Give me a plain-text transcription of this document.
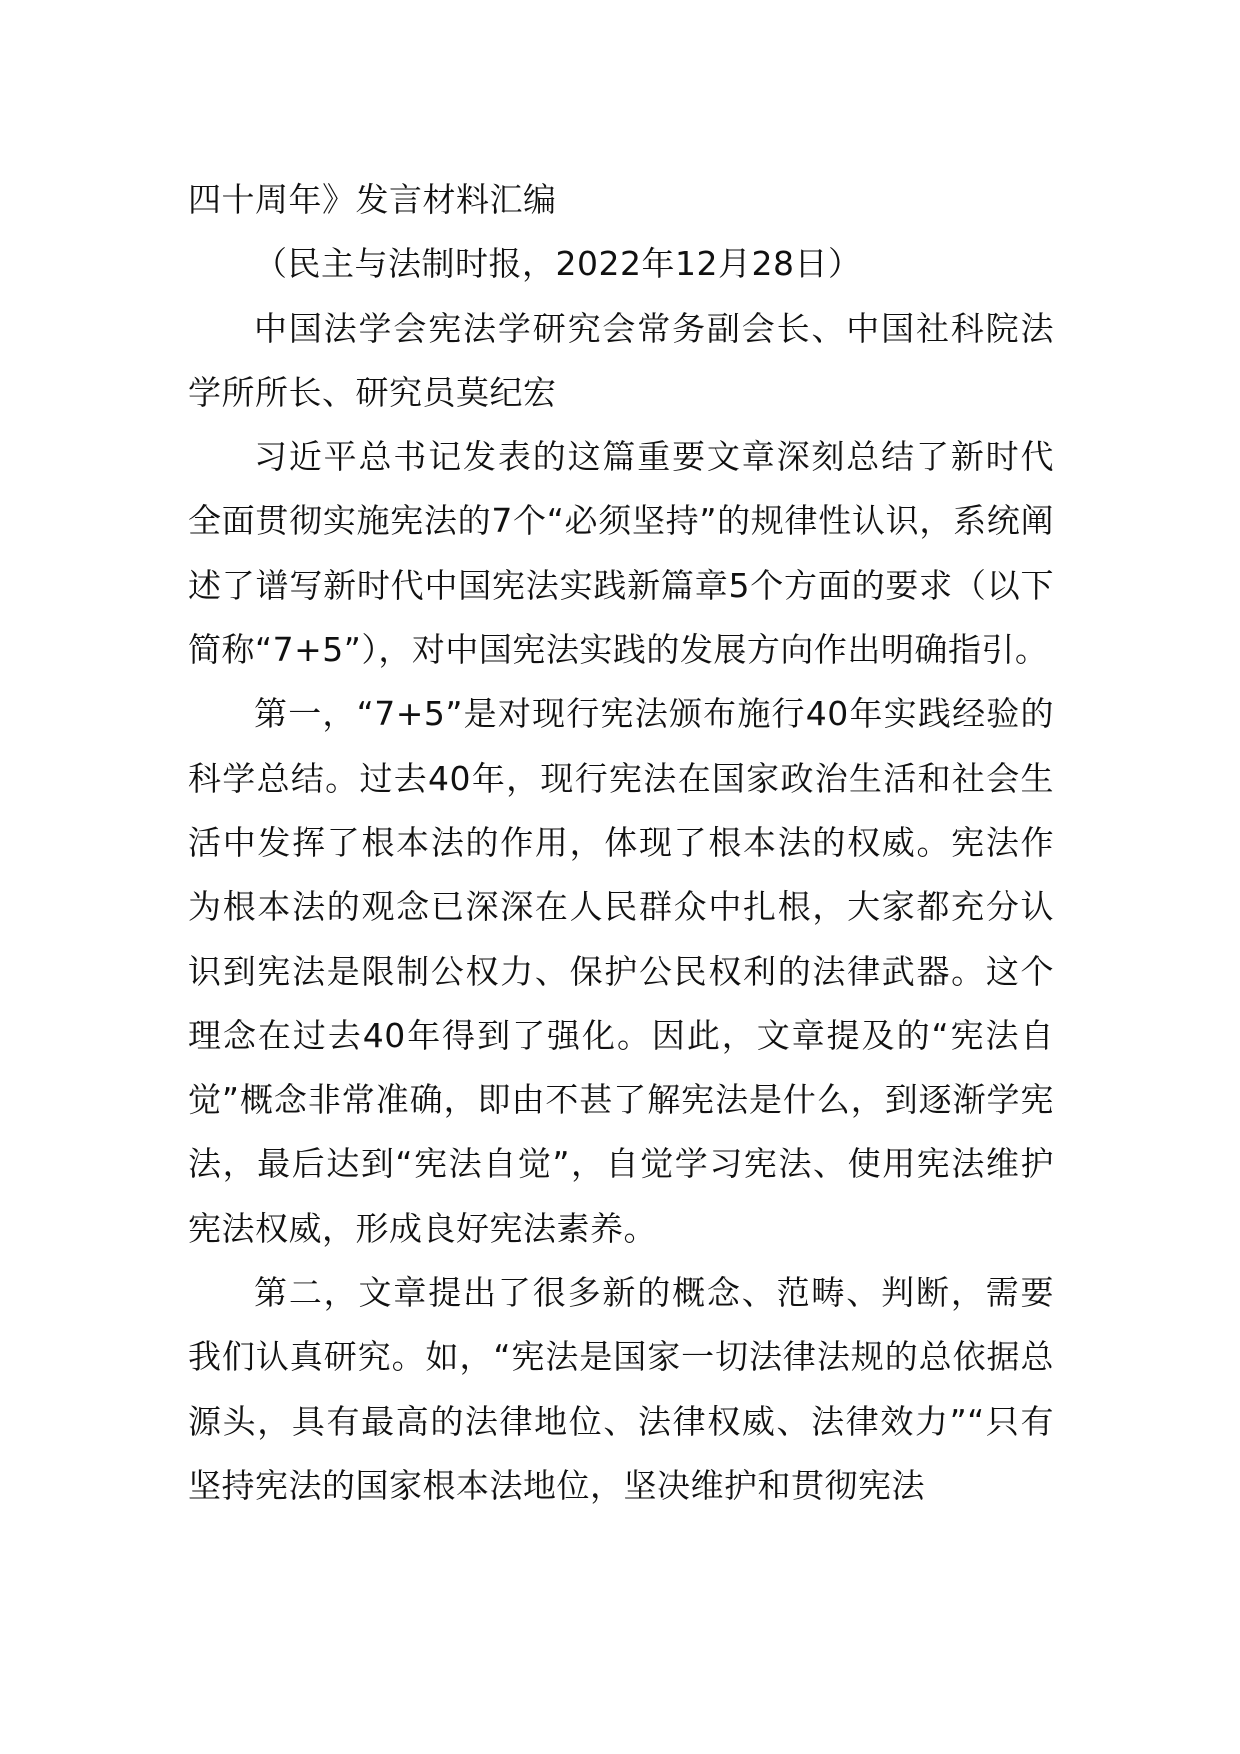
四十周年》发言材料汇编

（民主与法制时报，2022年12月28日）

中国法学会宪法学研究会常务副会长、中国社科院法学所所长、研究员莫纪宏

习近平总书记发表的这篇重要文章深刻总结了新时代全面贯彻实施宪法的7个“必须坚持”的规律性认识，系统阐述了谱写新时代中国宪法实践新篇章5个方面的要求（以下简称“7+5”），对中国宪法实践的发展方向作出明确指引。

第一，“7+5”是对现行宪法颁布施行40年实践经验的科学总结。过去40年，现行宪法在国家政治生活和社会生活中发挥了根本法的作用，体现了根本法的权威。宪法作为根本法的观念已深深在人民群众中扎根，大家都充分认识到宪法是限制公权力、保护公民权利的法律武器。这个理念在过去40年得到了强化。因此，文章提及的“宪法自觉”概念非常准确，即由不甚了解宪法是什么，到逐渐学宪法，最后达到“宪法自觉”，自觉学习宪法、使用宪法维护宪法权威，形成良好宪法素养。

第二，文章提出了很多新的概念、范畴、判断，需要我们认真研究。如，“宪法是国家一切法律法规的总依据总源头，具有最高的法律地位、法律权威、法律效力”“只有坚持宪法的国家根本法地位，坚决维护和贯彻宪法
